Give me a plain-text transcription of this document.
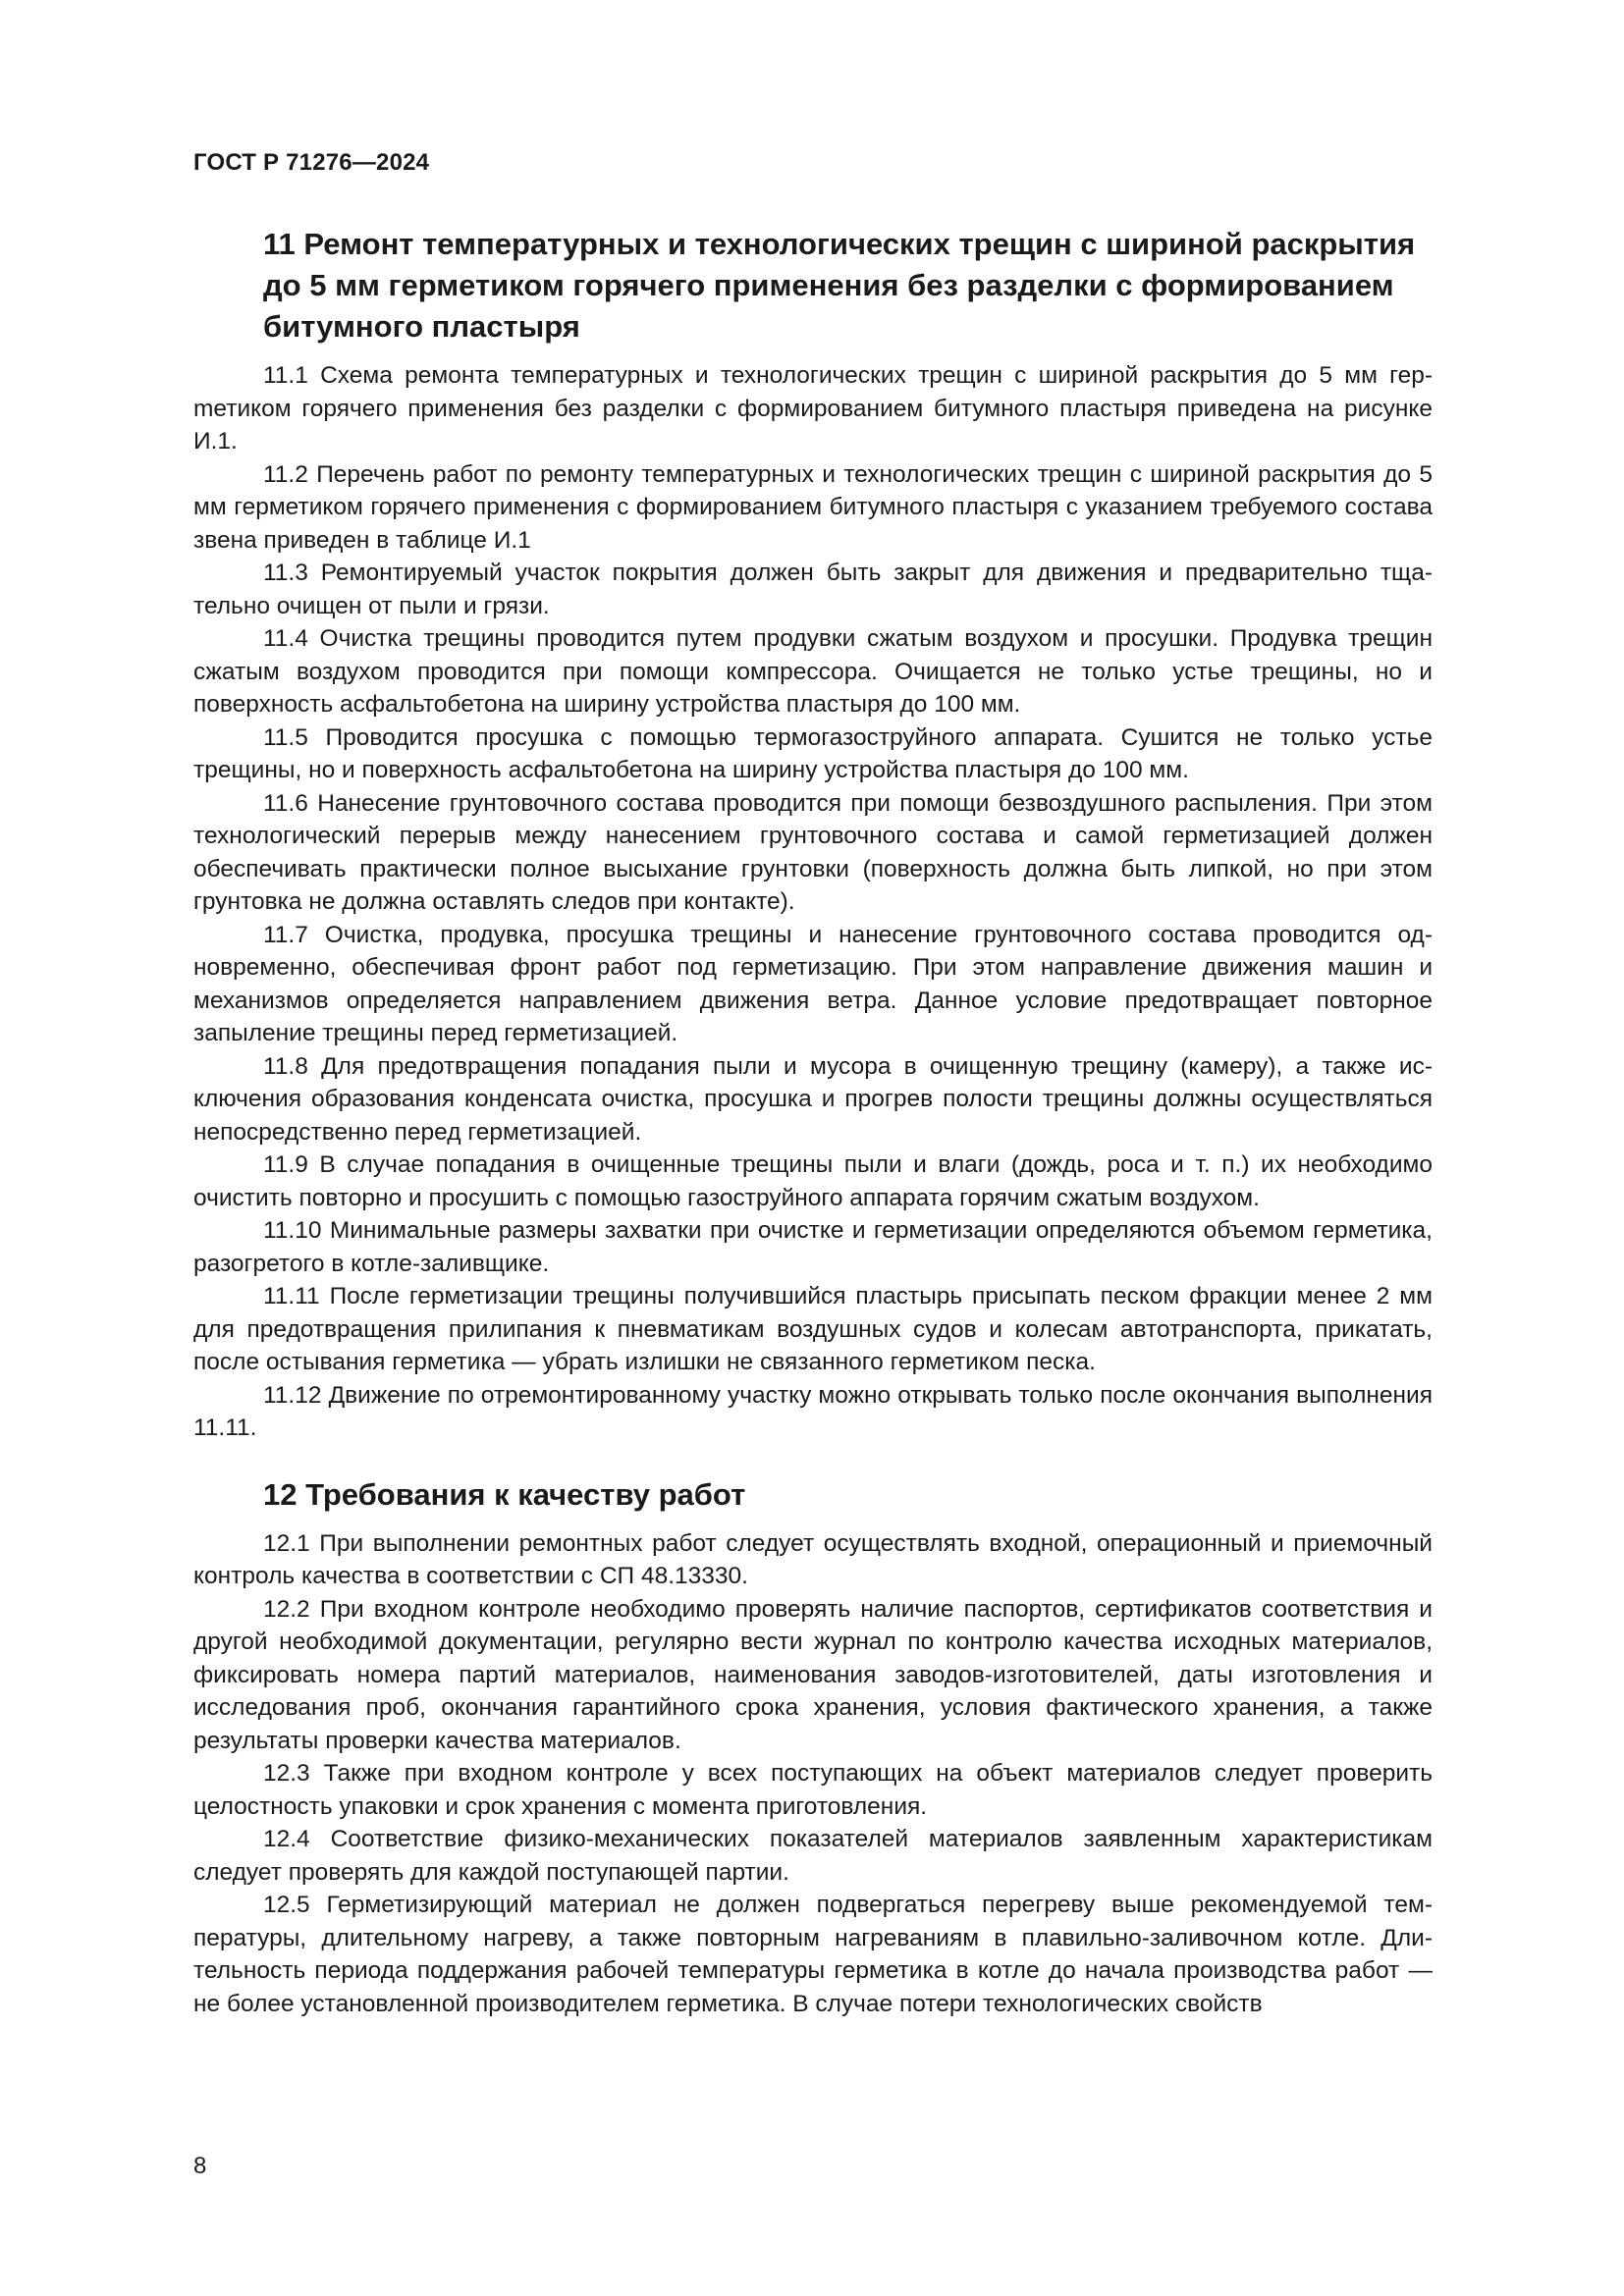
ГОСТ Р 71276—2024
11 Ремонт температурных и технологических трещин с шириной раскрытия до 5 мм герметиком горячего применения без разделки с формированием битумного пластыря

11.1 Схема ремонта температурных и технологических трещин с шириной раскрытия до 5 мм герmетиком горячего применения без разделки с формированием битумного пластыря приведена на рисунке И.1.

11.2 Перечень работ по ремонту температурных и технологических трещин с шириной раскрытия до 5 мм герметиком горячего применения с формированием битумного пластыря с указанием требуемого состава звена приведен в таблице И.1

11.3 Ремонтируемый участок покрытия должен быть закрыт для движения и предварительно тщательно очищен от пыли и грязи.

11.4 Очистка трещины проводится путем продувки сжатым воздухом и просушки. Продувка трещин сжатым воздухом проводится при помощи компрессора. Очищается не только устье трещины, но и поверхность асфальтобетона на ширину устройства пластыря до 100 мм.

11.5 Проводится просушка с помощью термогазоструйного аппарата. Сушится не только устье трещины, но и поверхность асфальтобетона на ширину устройства пластыря до 100 мм.

11.6 Нанесение грунтовочного состава проводится при помощи безвоздушного распыления. При этом технологический перерыв между нанесением грунтовочного состава и самой герметизацией должен обеспечивать практически полное высыхание грунтовки (поверхность должна быть липкой, но при этом грунтовка не должна оставлять следов при контакте).

11.7 Очистка, продувка, просушка трещины и нанесение грунтовочного состава проводится одновременно, обеспечивая фронт работ под герметизацию. При этом направление движения машин и механизмов определяется направлением движения ветра. Данное условие предотвращает повторное запыление трещины перед герметизацией.

11.8 Для предотвращения попадания пыли и мусора в очищенную трещину (камеру), а также исключения образования конденсата очистка, просушка и прогрев полости трещины должны осуществляться непосредственно перед герметизацией.

11.9 В случае попадания в очищенные трещины пыли и влаги (дождь, роса и т. п.) их необходимо очистить повторно и просушить с помощью газоструйного аппарата горячим сжатым воздухом.

11.10 Минимальные размеры захватки при очистке и герметизации определяются объемом герметика, разогретого в котле-заливщике.

11.11 После герметизации трещины получившийся пластырь присыпать песком фракции менее 2 мм для предотвращения прилипания к пневматикам воздушных судов и колесам автотранспорта, прикатать, после остывания герметика — убрать излишки не связанного герметиком песка.

11.12 Движение по отремонтированному участку можно открывать только после окончания выполнения 11.11.

12 Требования к качеству работ

12.1 При выполнении ремонтных работ следует осуществлять входной, операционный и приемочный контроль качества в соответствии с СП 48.13330.

12.2 При входном контроле необходимо проверять наличие паспортов, сертификатов соответствия и другой необходимой документации, регулярно вести журнал по контролю качества исходных материалов, фиксировать номера партий материалов, наименования заводов-изготовителей, даты изготовления и исследования проб, окончания гарантийного срока хранения, условия фактического хранения, а также результаты проверки качества материалов.

12.3 Также при входном контроле у всех поступающих на объект материалов следует проверить целостность упаковки и срок хранения с момента приготовления.

12.4 Соответствие физико-механических показателей материалов заявленным характеристикам следует проверять для каждой поступающей партии.

12.5 Герметизирующий материал не должен подвергаться перегреву выше рекомендуемой температуры, длительному нагреву, а также повторным нагреваниям в плавильно-заливочном котле. Длительность периода поддержания рабочей температуры герметика в котле до начала производства работ — не более установленной производителем герметика. В случае потери технологических свойств

8
